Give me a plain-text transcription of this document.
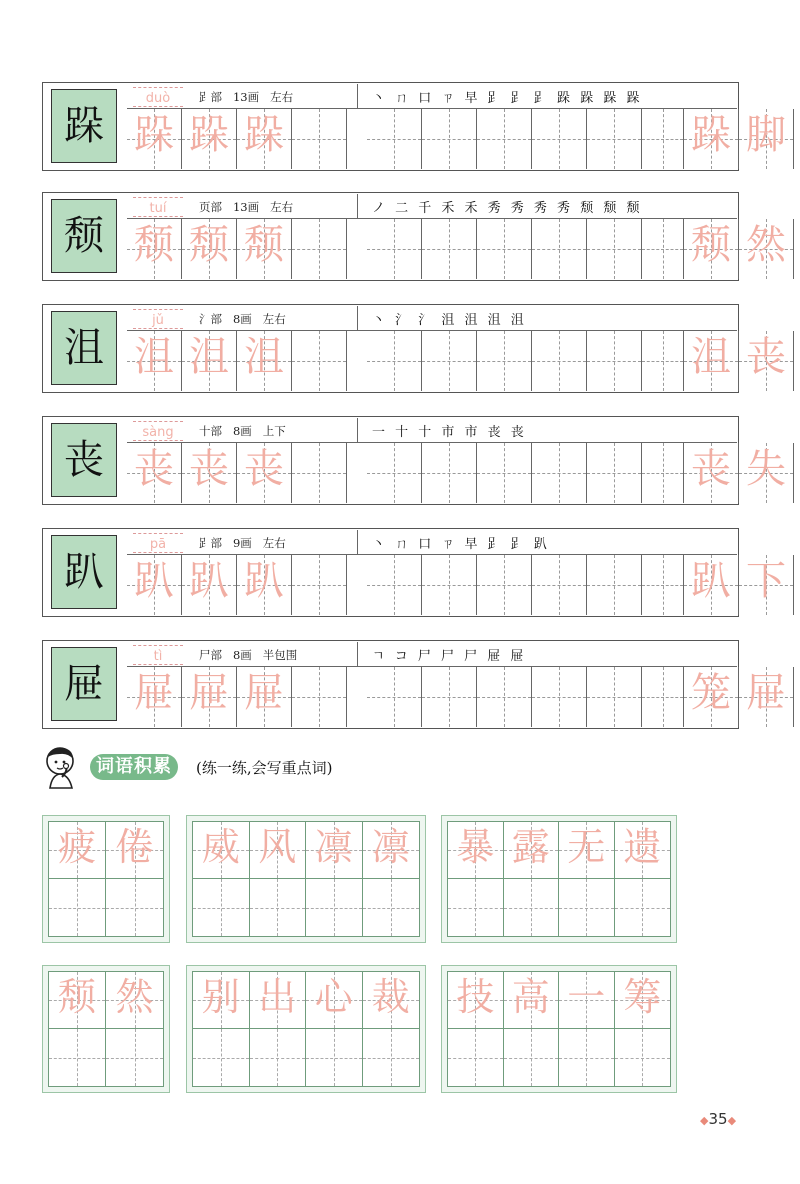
跺
duò	𧾷部   13画   左右	丶 ㄇ 口 ㄗ 早 𧾷 𧾷 𧾷 跺 跺 跺 跺
跺 跺 跺	跺 脚
颓
tuí	页部   13画   左右	ノ 二 千 禾 禾 秀 秀 秀 秀 颓 颓 颓
颓 颓 颓	颓 然
沮
jǔ	氵部   8画   左右	丶 氵 氵 沮 沮 沮 沮
沮 沮 沮	沮 丧
丧
sàng	十部   8画   上下	一 十 十 市 市 丧 丧
丧 丧 丧	丧 失
趴
pā	𧾷部   9画   左右	丶 ㄇ 口 ㄗ 早 𧾷 𧾷 趴
趴 趴 趴	趴 下
屉
tì	尸部   8画   半包围	ㄱ コ 尸 尸 尸 屉 屉
屉 屉 屉	笼 屉
词语积累	(练一练,会写重点词)
疲 倦 威 风 凛 凛 暴 露 无 遗
颓 然 别 出 心 裁 技 高 一 筹
◆35◆
